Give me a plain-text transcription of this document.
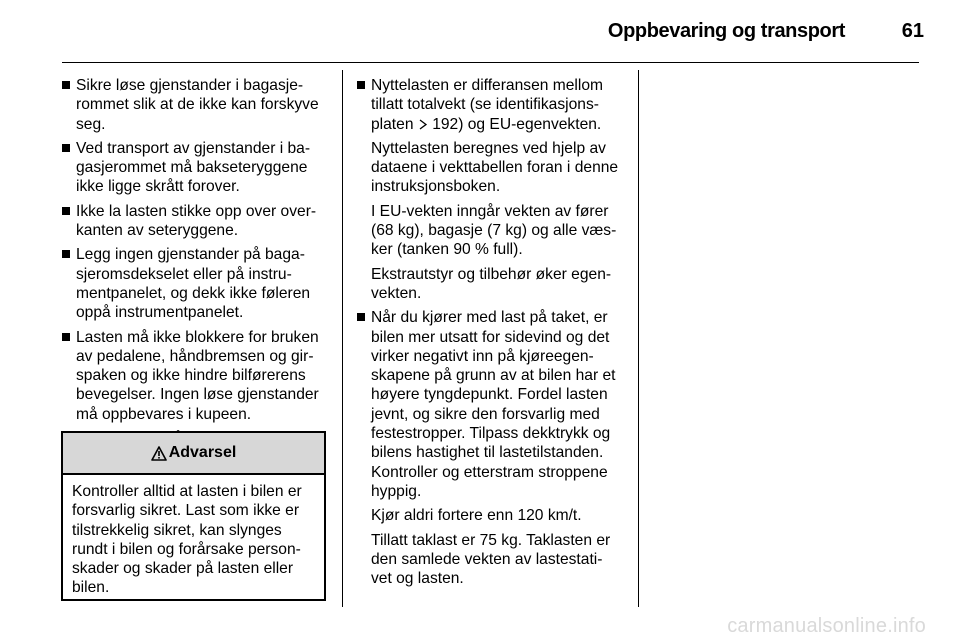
Oppbevaring og transport	61
Sikre løse gjenstander i bagasje-
rommet slik at de ikke kan forskyve
seg.
Ved transport av gjenstander i ba-
gasjerommet må bakseteryggene
ikke ligge skrått forover.
Ikke la lasten stikke opp over over-
kanten av seteryggene.
Legg ingen gjenstander på baga-
sjeromsdekselet eller på instru-
mentpanelet, og dekk ikke føleren
oppå instrumentpanelet.
Lasten må ikke blokkere for bruken
av pedalene, håndbremsen og gir-
spaken og ikke hindre bilførerens
bevegelser. Ingen løse gjenstander
må oppbevares i kupeen.
Advarsel
Kontroller alltid at lasten i bilen er
forsvarlig sikret. Last som ikke er
tilstrekkelig sikret, kan slynges
rundt i bilen og forårsake person-
skader og skader på lasten eller
bilen.
Nyttelasten er differansen mellom
tillatt totalvekt (se identifikasjons-
platen 192) og EU-egenvekten.
Nyttelasten beregnes ved hjelp av
dataene i vekttabellen foran i denne
instruksjonsboken.
I EU-vekten inngår vekten av fører
(68 kg), bagasje (7 kg) og alle væs-
ker (tanken 90 % full).
Ekstrautstyr og tilbehør øker egen-
vekten.
Når du kjører med last på taket, er
bilen mer utsatt for sidevind og det
virker negativt inn på kjøreegen-
skapene på grunn av at bilen har et
høyere tyngdepunkt. Fordel lasten
jevnt, og sikre den forsvarlig med
festestropper. Tilpass dekktrykk og
bilens hastighet til lastetilstanden.
Kontroller og etterstram stroppene
hyppig.
Kjør aldri fortere enn 120 km/t.
Tillatt taklast er 75 kg. Taklasten er
den samlede vekten av lastestati-
vet og lasten.
carmanualsonline.info
